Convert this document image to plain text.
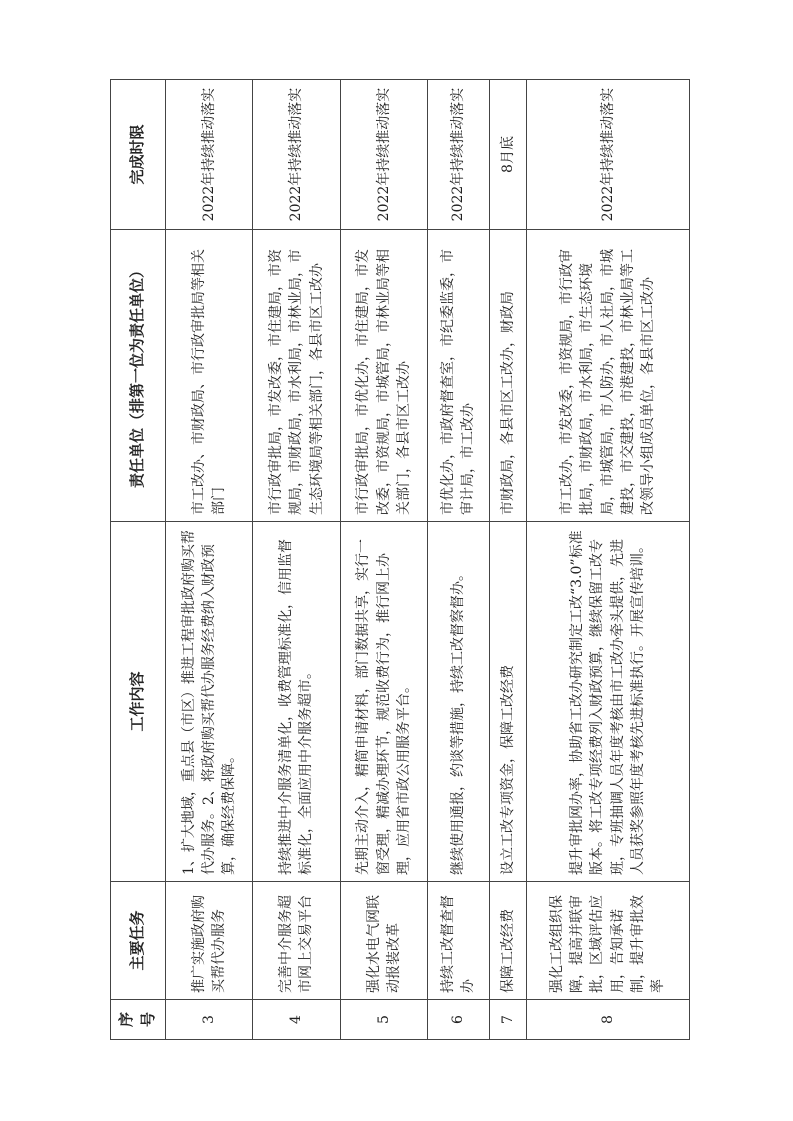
序号	主要任务	工作内容	责任单位（排第一位为责任单位）	完成时限
3	推广实施政府购买帮代办服务	1、扩大地域，重点县（市区）推进工程审批政府购买帮代办服务。2、将政府购买帮代办服务经费纳入财政预算，确保经费保障。	市工改办、市财政局、市行政审批局等相关部门	2022年持续推动落实
4	完善中介服务超市网上交易平台	持续推进中介服务清单化，收费管理标准化，信用监督标准化，全面应用中介服务超市。	市行政审批局，市发改委，市住建局，市资规局，市财政局，市水利局，市林业局，市生态环境局等相关部门，各县市区工改办	2022年持续推动落实
5	强化水电气网联动报装改革	先期主动介入，精简申请材料，部门数据共享，实行一窗受理，精减办理环节，规范收费行为，推行网上办理，应用省市政公用服务平台。	市行政审批局，市优化办，市住建局，市发改委，市资规局，市城管局，市林业局等相关部门，各县市区工改办	2022年持续推动落实
6	持续工改督查督办	继续使用通报，约谈等措施，持续工改督察督办。	市优化办，市政府督查室，市纪委监委，市审计局，市工改办	2022年持续推动落实
7	保障工改经费	设立工改专项资金，保障工改经费	市财政局，各县市区工改办，财政局	8月底
8	强化工改组织保障，提高并联审批，区域评估应用，告知承诺制，提升审批效率	提升审批网办率，协助省工改办研究制定工改“3.0”标准版本。将工改专项经费列入财政预算，继续保留工改专班，专班抽调人员年度考核由市工改办牵头提供，先进人员获奖参照年度考核先进标准执行。开展宣传培训。	市工改办，市发改委，市资规局，市行政审批局，市财政局，市水利局，市生态环境局，市城管局，市人防办，市人社局，市城建投，市交建投，市港建投，市林业局等工改领导小组成员单位，各县市区工改办	2022年持续推动落实
